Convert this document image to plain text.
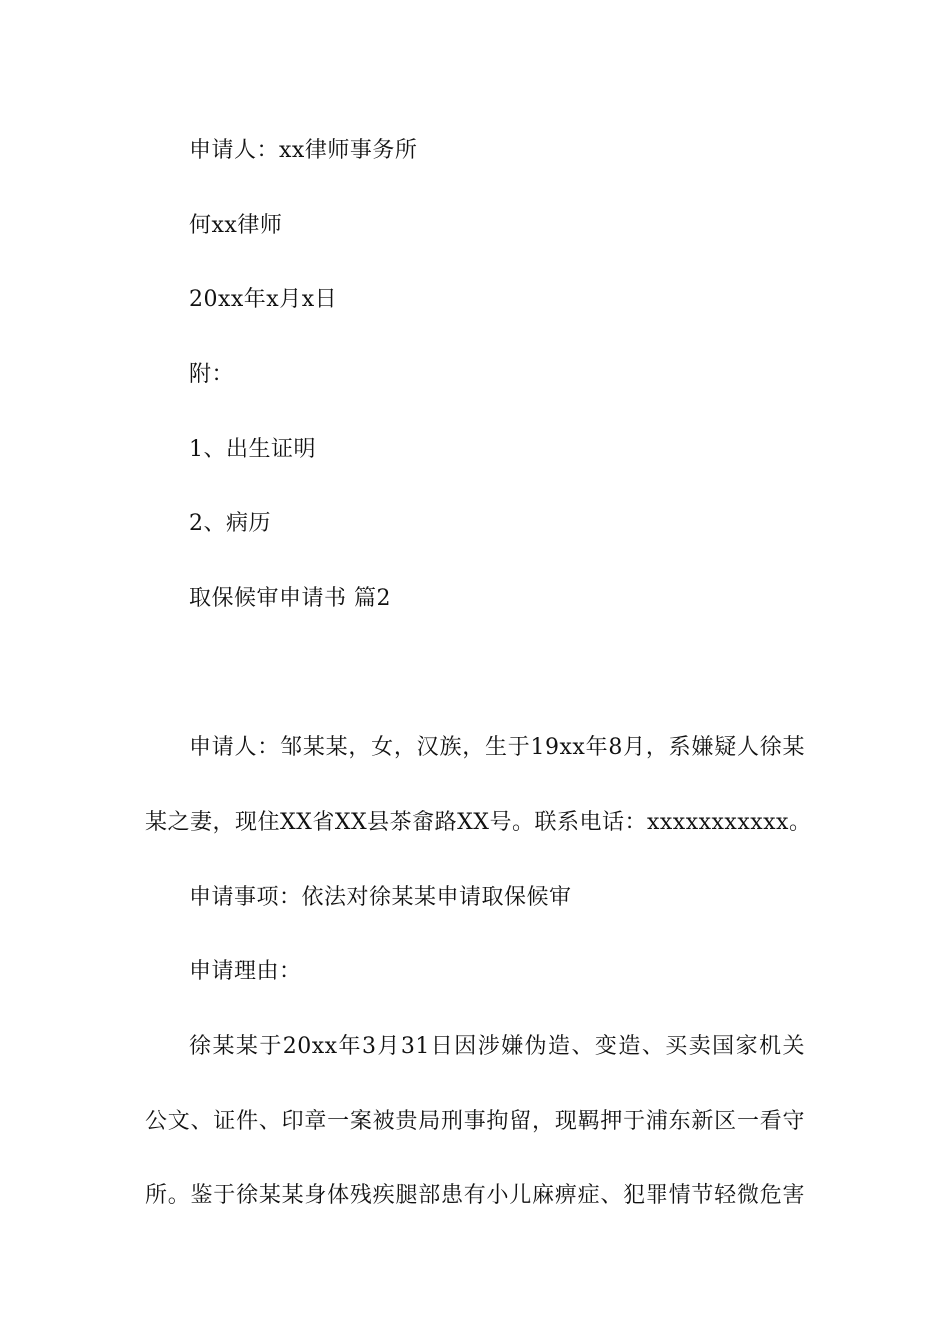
申请人：xx律师事务所
何xx律师
20xx年x月x日
附：
1、出生证明
2、病历
取保候审申请书 篇2
申请人：邹某某，女，汉族，生于19xx年8月，系嫌疑人徐某
某之妻，现住XX省XX县茶畲路XX号。联系电话：xxxxxxxxxxx。
申请事项：依法对徐某某申请取保候审
申请理由：
徐某某于20xx年3月31日因涉嫌伪造、变造、买卖国家机关
公文、证件、印章一案被贵局刑事拘留，现羁押于浦东新区一看守
所。鉴于徐某某身体残疾腿部患有小儿麻痹症、犯罪情节轻微危害
